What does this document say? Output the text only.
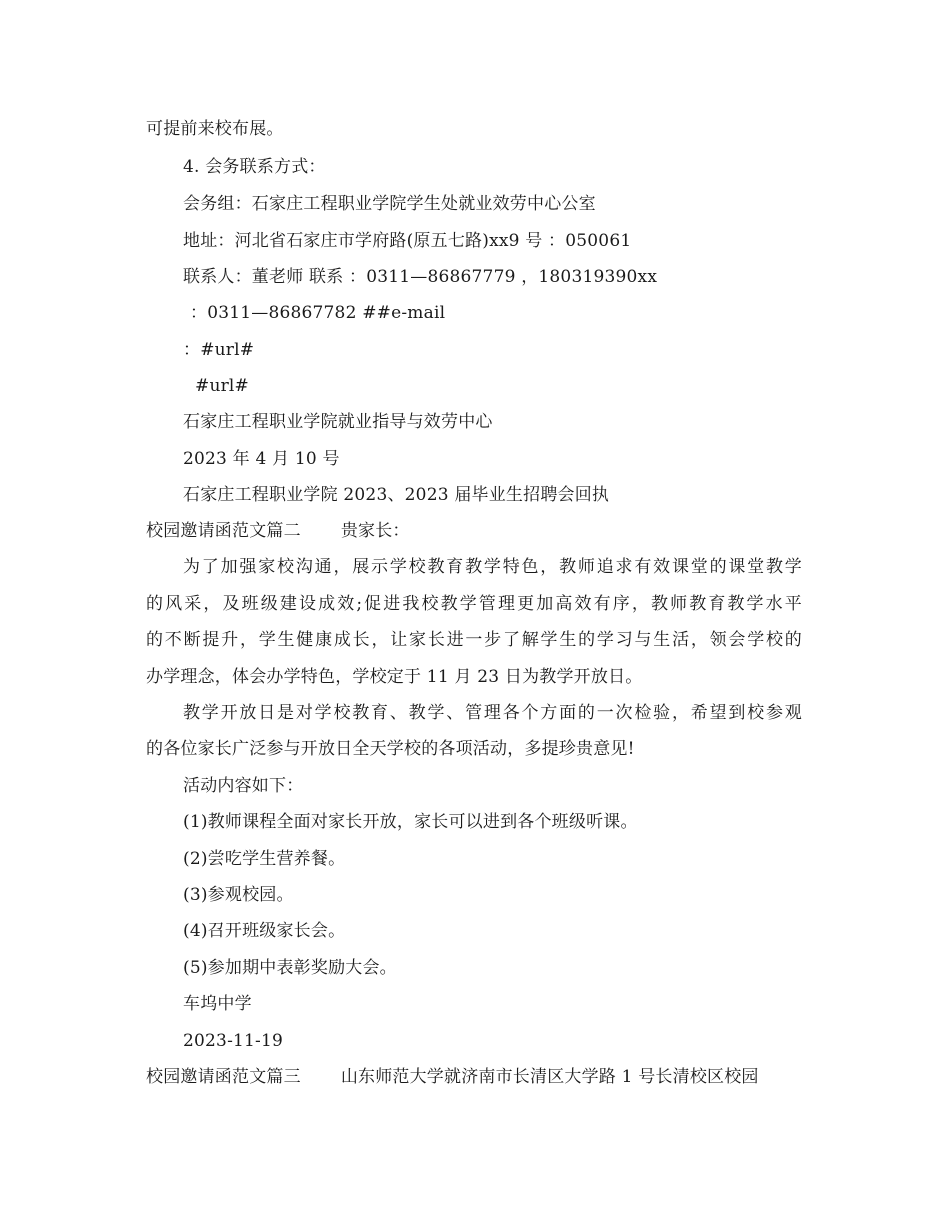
可提前来校布展。
4. 会务联系方式：
会务组：石家庄工程职业学院学生处就业效劳中心公室
地址：河北省石家庄市学府路(原五七路)xx9 号 ：050061
联系人：董老师 联系 ：0311—86867779 ，180319390xx
：0311—86867782 ##e-mail
：#url#
#url#
石家庄工程职业学院就业指导与效劳中心
2023 年 4 月 10 号
石家庄工程职业学院 2023、2023 届毕业生招聘会回执
校园邀请函范文篇二 贵家长：
为了加强家校沟通，展示学校教育教学特色，教师追求有效课堂的课堂教学
的风采，及班级建设成效;促进我校教学管理更加高效有序，教师教育教学水平
的不断提升，学生健康成长，让家长进一步了解学生的学习与生活，领会学校的
办学理念，体会办学特色，学校定于 11 月 23 日为教学开放日。
教学开放日是对学校教育、教学、管理各个方面的一次检验，希望到校参观
的各位家长广泛参与开放日全天学校的各项活动，多提珍贵意见!
活动内容如下：
(1)教师课程全面对家长开放，家长可以进到各个班级听课。
(2)尝吃学生营养餐。
(3)参观校园。
(4)召开班级家长会。
(5)参加期中表彰奖励大会。
车坞中学
2023-11-19
校园邀请函范文篇三 山东师范大学就济南市长清区大学路 1 号长清校区校园
